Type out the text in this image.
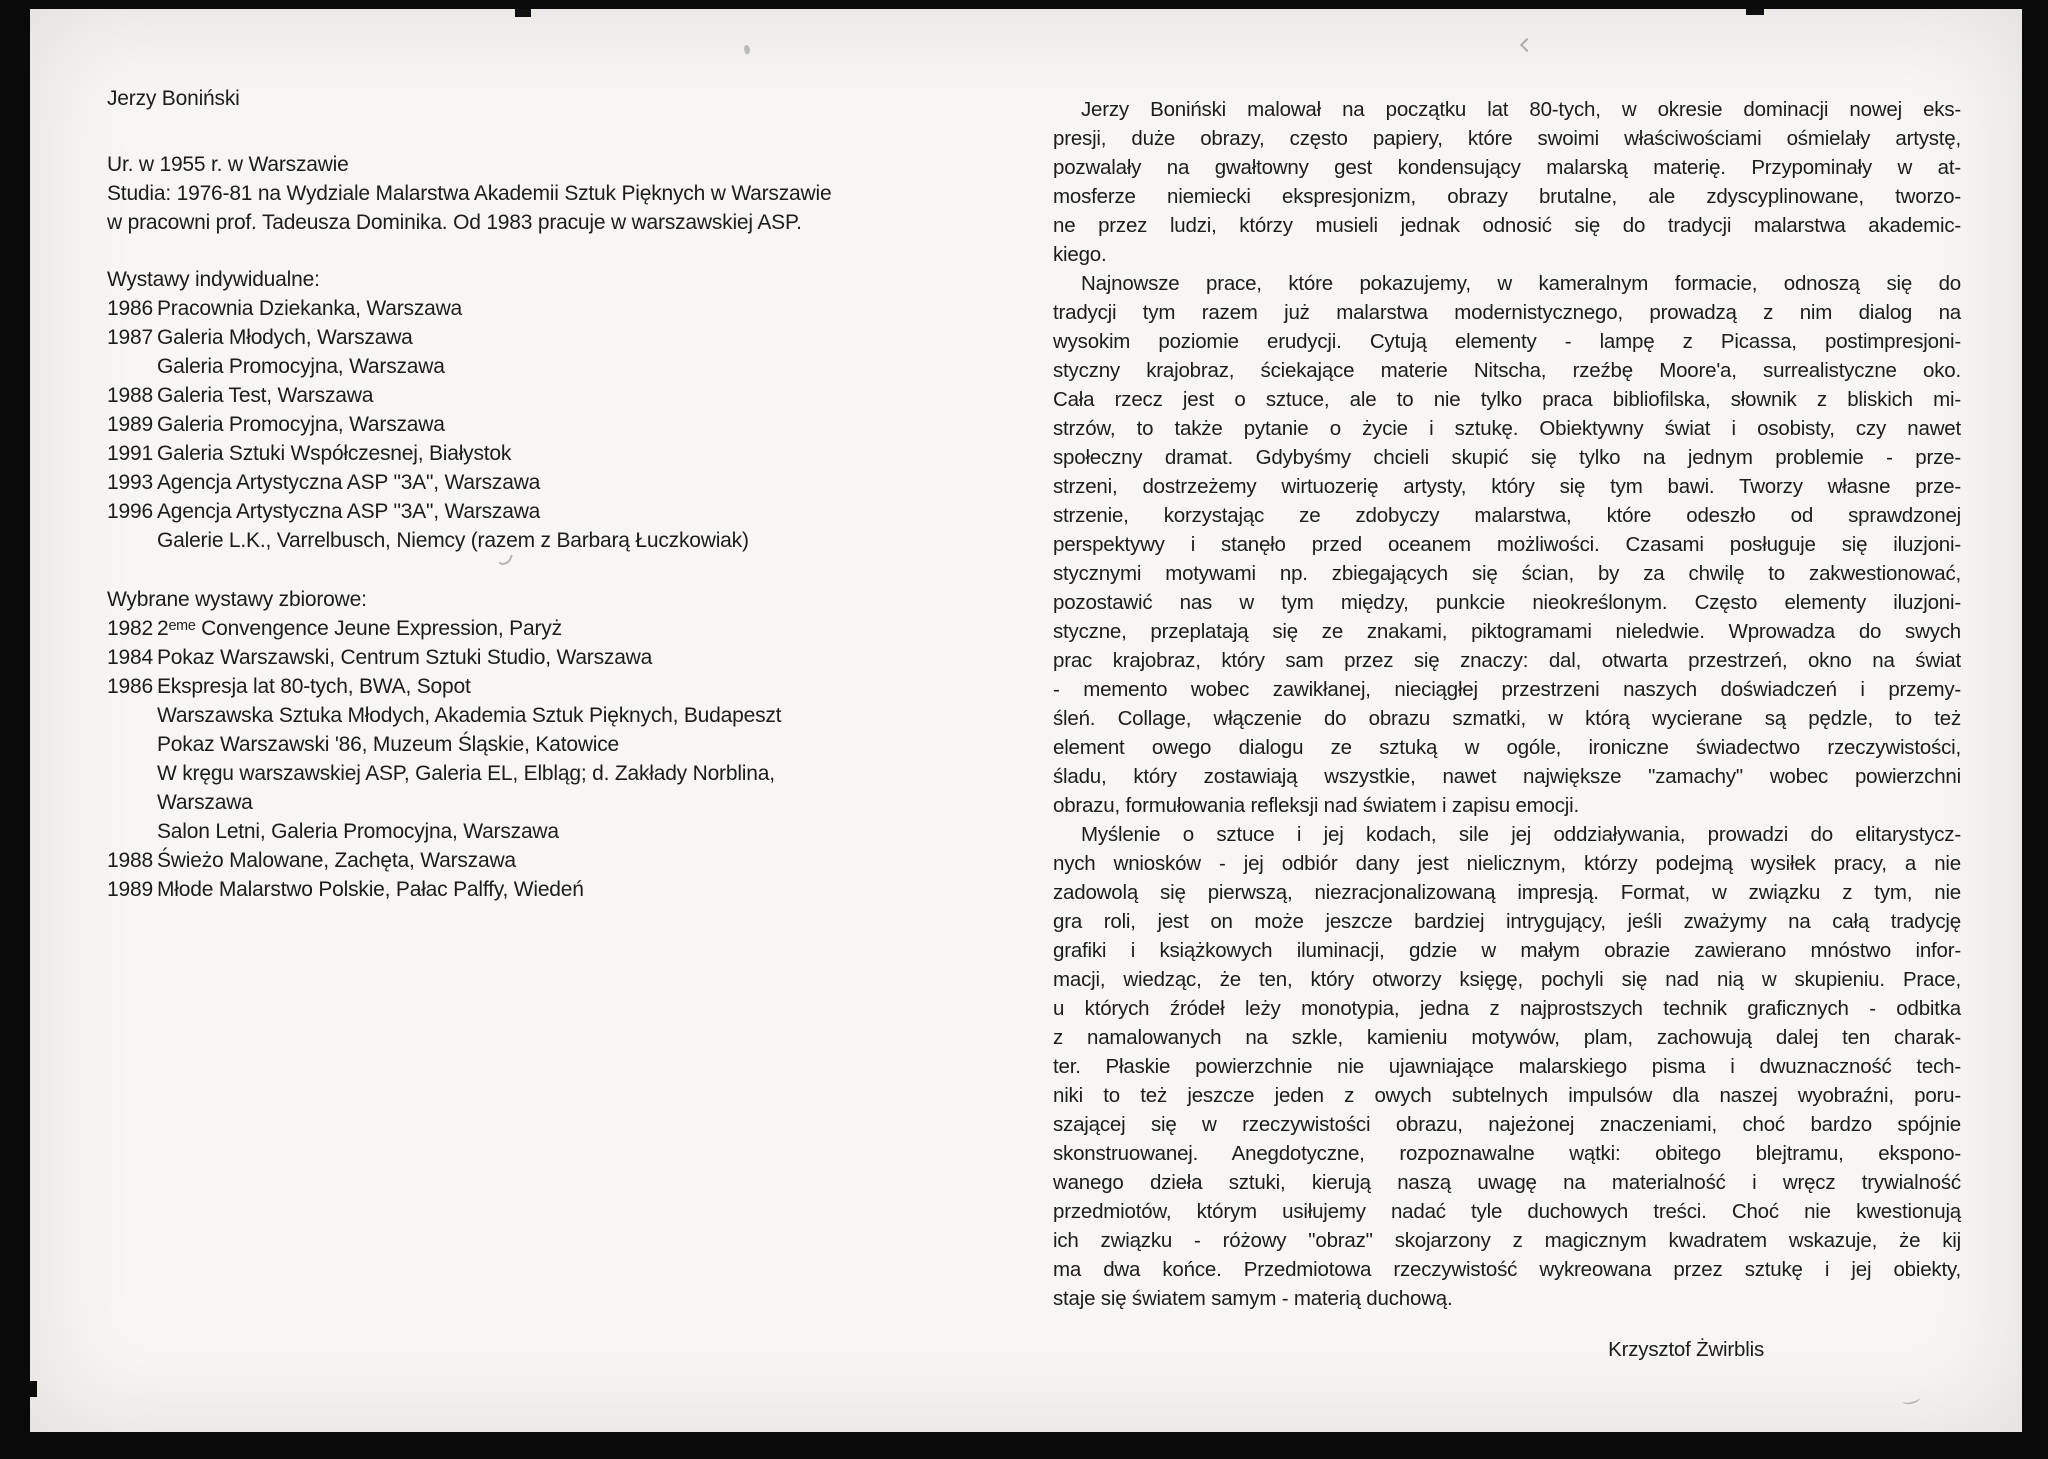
Jerzy Boniński
Ur. w 1955 r. w Warszawie
Studia: 1976-81 na Wydziale Malarstwa Akademii Sztuk Pięknych w Warszawie
w pracowni prof. Tadeusza Dominika. Od 1983 pracuje w warszawskiej ASP.
Wystawy indywidualne:
1986 Pracownia Dziekanka, Warszawa
1987 Galeria Młodych, Warszawa
Galeria Promocyjna, Warszawa
1988 Galeria Test, Warszawa
1989 Galeria Promocyjna, Warszawa
1991 Galeria Sztuki Współczesnej, Białystok
1993 Agencja Artystyczna ASP "3A", Warszawa
1996 Agencja Artystyczna ASP "3A", Warszawa
Galerie L.K., Varrelbusch, Niemcy (razem z Barbarą Łuczkowiak)
Wybrane wystawy zbiorowe:
1982 2ᵉᵐᵉ Convengence Jeune Expression, Paryż
1984 Pokaz Warszawski, Centrum Sztuki Studio, Warszawa
1986 Ekspresja lat 80-tych, BWA, Sopot
Warszawska Sztuka Młodych, Akademia Sztuk Pięknych, Budapeszt
Pokaz Warszawski '86, Muzeum Śląskie, Katowice
W kręgu warszawskiej ASP, Galeria EL, Elbląg; d. Zakłady Norblina,
Warszawa
Salon Letni, Galeria Promocyjna, Warszawa
1988 Świeżo Malowane, Zachęta, Warszawa
1989 Młode Malarstwo Polskie, Pałac Palffy, Wiedeń
Jerzy Boniński malował na początku lat 80-tych, w okresie dominacji nowej eks-
presji, duże obrazy, często papiery, które swoimi właściwościami ośmielały artystę,
pozwalały na gwałtowny gest kondensujący malarską materię. Przypominały w at-
mosferze niemiecki ekspresjonizm, obrazy brutalne, ale zdyscyplinowane, tworzo-
ne przez ludzi, którzy musieli jednak odnosić się do tradycji malarstwa akademic-
kiego.
Najnowsze prace, które pokazujemy, w kameralnym formacie, odnoszą się do
tradycji tym razem już malarstwa modernistycznego, prowadzą z nim dialog na
wysokim poziomie erudycji. Cytują elementy - lampę z Picassa, postimpresjoni-
styczny krajobraz, ściekające materie Nitscha, rzeźbę Moore'a, surrealistyczne oko.
Cała rzecz jest o sztuce, ale to nie tylko praca bibliofilska, słownik z bliskich mi-
strzów, to także pytanie o życie i sztukę. Obiektywny świat i osobisty, czy nawet
społeczny dramat. Gdybyśmy chcieli skupić się tylko na jednym problemie - prze-
strzeni, dostrzeżemy wirtuozerię artysty, który się tym bawi. Tworzy własne prze-
strzenie, korzystając ze zdobyczy malarstwa, które odeszło od sprawdzonej
perspektywy i stanęło przed oceanem możliwości. Czasami posługuje się iluzjoni-
stycznymi motywami np. zbiegających się ścian, by za chwilę to zakwestionować,
pozostawić nas w tym między, punkcie nieokreślonym. Często elementy iluzjoni-
styczne, przeplatają się ze znakami, piktogramami nieledwie. Wprowadza do swych
prac krajobraz, który sam przez się znaczy: dal, otwarta przestrzeń, okno na świat
- memento wobec zawikłanej, nieciągłej przestrzeni naszych doświadczeń i przemy-
śleń. Collage, włączenie do obrazu szmatki, w którą wycierane są pędzle, to też
element owego dialogu ze sztuką w ogóle, ironiczne świadectwo rzeczywistości,
śladu, który zostawiają wszystkie, nawet największe "zamachy" wobec powierzchni
obrazu, formułowania refleksji nad światem i zapisu emocji.
Myślenie o sztuce i jej kodach, sile jej oddziaływania, prowadzi do elitarystycz-
nych wniosków - jej odbiór dany jest nielicznym, którzy podejmą wysiłek pracy, a nie
zadowolą się pierwszą, niezracjonalizowaną impresją. Format, w związku z tym, nie
gra roli, jest on może jeszcze bardziej intrygujący, jeśli zważymy na całą tradycję
grafiki i książkowych iluminacji, gdzie w małym obrazie zawierano mnóstwo infor-
macji, wiedząc, że ten, który otworzy księgę, pochyli się nad nią w skupieniu. Prace,
u których źródeł leży monotypia, jedna z najprostszych technik graficznych - odbitka
z namalowanych na szkle, kamieniu motywów, plam, zachowują dalej ten charak-
ter. Płaskie powierzchnie nie ujawniające malarskiego pisma i dwuznaczność tech-
niki to też jeszcze jeden z owych subtelnych impulsów dla naszej wyobraźni, poru-
szającej się w rzeczywistości obrazu, najeżonej znaczeniami, choć bardzo spójnie
skonstruowanej. Anegdotyczne, rozpoznawalne wątki: obitego blejtramu, ekspono-
wanego dzieła sztuki, kierują naszą uwagę na materialność i wręcz trywialność
przedmiotów, którym usiłujemy nadać tyle duchowych treści. Choć nie kwestionują
ich związku - różowy "obraz" skojarzony z magicznym kwadratem wskazuje, że kij
ma dwa końce. Przedmiotowa rzeczywistość wykreowana przez sztukę i jej obiekty,
staje się światem samym - materią duchową.
Krzysztof Żwirblis
